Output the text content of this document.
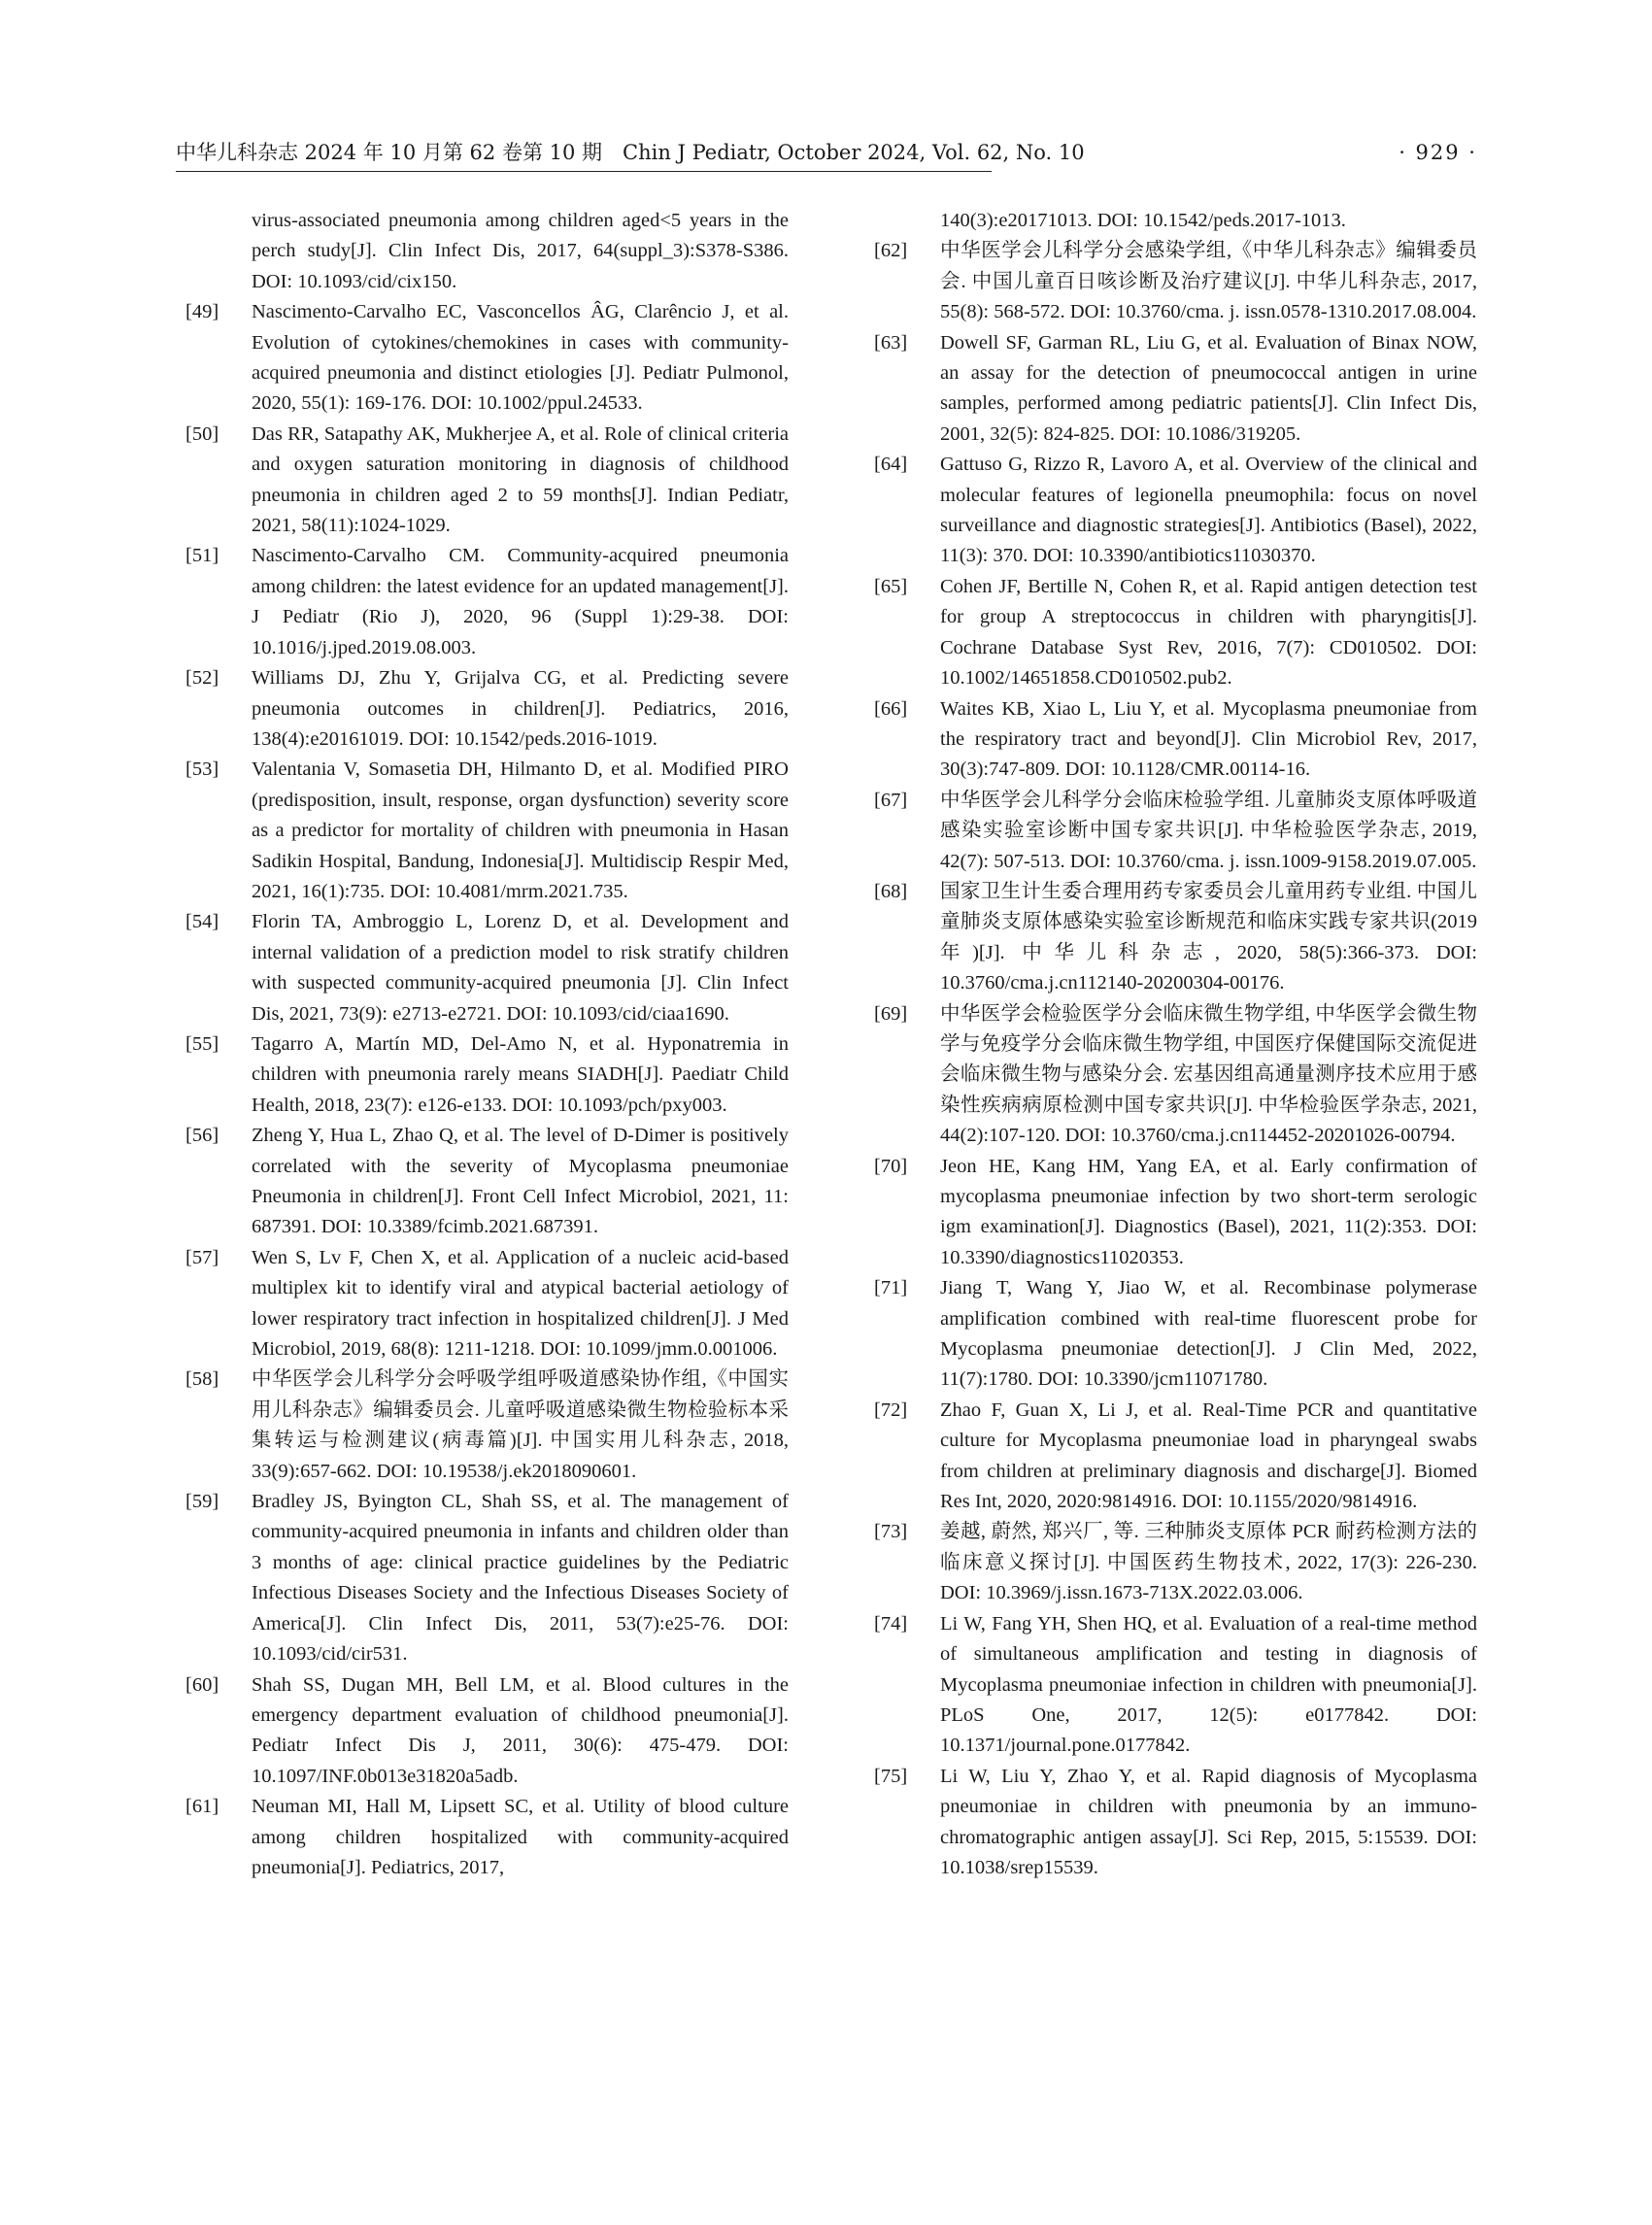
中华儿科杂志 2024 年 10 月第 62 卷第 10 期　Chin J Pediatr, October 2024, Vol. 62, No. 10	· 929 ·
virus-associated pneumonia among children aged<5 years in the perch study[J]. Clin Infect Dis, 2017, 64(suppl_3):S378-S386. DOI: 10.1093/cid/cix150.
[49] Nascimento-Carvalho EC, Vasconcellos ÂG, Clarêncio J, et al. Evolution of cytokines/chemokines in cases with community-acquired pneumonia and distinct etiologies [J]. Pediatr Pulmonol, 2020, 55(1): 169-176. DOI: 10.1002/ppul.24533.
[50] Das RR, Satapathy AK, Mukherjee A, et al. Role of clinical criteria and oxygen saturation monitoring in diagnosis of childhood pneumonia in children aged 2 to 59 months[J]. Indian Pediatr, 2021, 58(11):1024-1029.
[51] Nascimento-Carvalho CM. Community-acquired pneumonia among children: the latest evidence for an updated management[J]. J Pediatr (Rio J), 2020, 96 (Suppl 1):29-38. DOI: 10.1016/j.jped.2019.08.003.
[52] Williams DJ, Zhu Y, Grijalva CG, et al. Predicting severe pneumonia outcomes in children[J]. Pediatrics, 2016, 138(4):e20161019. DOI: 10.1542/peds.2016-1019.
[53] Valentania V, Somasetia DH, Hilmanto D, et al. Modified PIRO (predisposition, insult, response, organ dysfunction) severity score as a predictor for mortality of children with pneumonia in Hasan Sadikin Hospital, Bandung, Indonesia[J]. Multidiscip Respir Med, 2021, 16(1):735. DOI: 10.4081/mrm.2021.735.
[54] Florin TA, Ambroggio L, Lorenz D, et al. Development and internal validation of a prediction model to risk stratify children with suspected community-acquired pneumonia [J]. Clin Infect Dis, 2021, 73(9): e2713-e2721. DOI: 10.1093/cid/ciaa1690.
[55] Tagarro A, Martín MD, Del-Amo N, et al. Hyponatremia in children with pneumonia rarely means SIADH[J]. Paediatr Child Health, 2018, 23(7): e126-e133. DOI: 10.1093/pch/pxy003.
[56] Zheng Y, Hua L, Zhao Q, et al. The level of D-Dimer is positively correlated with the severity of Mycoplasma pneumoniae Pneumonia in children[J]. Front Cell Infect Microbiol, 2021, 11: 687391. DOI: 10.3389/fcimb.2021.687391.
[57] Wen S, Lv F, Chen X, et al. Application of a nucleic acid-based multiplex kit to identify viral and atypical bacterial aetiology of lower respiratory tract infection in hospitalized children[J]. J Med Microbiol, 2019, 68(8): 1211-1218. DOI: 10.1099/jmm.0.001006.
[58] 中华医学会儿科学分会呼吸学组呼吸道感染协作组,《中国实用儿科杂志》编辑委员会. 儿童呼吸道感染微生物检验标本采集转运与检测建议(病毒篇)[J]. 中国实用儿科杂志, 2018, 33(9):657-662. DOI: 10.19538/j.ek2018090601.
[59] Bradley JS, Byington CL, Shah SS, et al. The management of community-acquired pneumonia in infants and children older than 3 months of age: clinical practice guidelines by the Pediatric Infectious Diseases Society and the Infectious Diseases Society of America[J]. Clin Infect Dis, 2011, 53(7):e25-76. DOI: 10.1093/cid/cir531.
[60] Shah SS, Dugan MH, Bell LM, et al. Blood cultures in the emergency department evaluation of childhood pneumonia[J]. Pediatr Infect Dis J, 2011, 30(6): 475-479. DOI: 10.1097/INF.0b013e31820a5adb.
[61] Neuman MI, Hall M, Lipsett SC, et al. Utility of blood culture among children hospitalized with community-acquired pneumonia[J]. Pediatrics, 2017,
140(3):e20171013. DOI: 10.1542/peds.2017-1013.
[62] 中华医学会儿科学分会感染学组,《中华儿科杂志》编辑委员会. 中国儿童百日咳诊断及治疗建议[J]. 中华儿科杂志, 2017, 55(8): 568-572. DOI: 10.3760/cma. j. issn.0578-1310.2017.08.004.
[63] Dowell SF, Garman RL, Liu G, et al. Evaluation of Binax NOW, an assay for the detection of pneumococcal antigen in urine samples, performed among pediatric patients[J]. Clin Infect Dis, 2001, 32(5): 824-825. DOI: 10.1086/319205.
[64] Gattuso G, Rizzo R, Lavoro A, et al. Overview of the clinical and molecular features of legionella pneumophila: focus on novel surveillance and diagnostic strategies[J]. Antibiotics (Basel), 2022, 11(3): 370. DOI: 10.3390/antibiotics11030370.
[65] Cohen JF, Bertille N, Cohen R, et al. Rapid antigen detection test for group A streptococcus in children with pharyngitis[J]. Cochrane Database Syst Rev, 2016, 7(7): CD010502. DOI: 10.1002/14651858.CD010502.pub2.
[66] Waites KB, Xiao L, Liu Y, et al. Mycoplasma pneumoniae from the respiratory tract and beyond[J]. Clin Microbiol Rev, 2017, 30(3):747-809. DOI: 10.1128/CMR.00114-16.
[67] 中华医学会儿科学分会临床检验学组. 儿童肺炎支原体呼吸道感染实验室诊断中国专家共识[J]. 中华检验医学杂志, 2019, 42(7): 507-513. DOI: 10.3760/cma. j. issn.1009-9158.2019.07.005.
[68] 国家卫生计生委合理用药专家委员会儿童用药专业组. 中国儿童肺炎支原体感染实验室诊断规范和临床实践专家共识(2019 年)[J]. 中华儿科杂志, 2020, 58(5):366-373. DOI: 10.3760/cma.j.cn112140-20200304-00176.
[69] 中华医学会检验医学分会临床微生物学组, 中华医学会微生物学与免疫学分会临床微生物学组, 中国医疗保健国际交流促进会临床微生物与感染分会. 宏基因组高通量测序技术应用于感染性疾病病原检测中国专家共识[J]. 中华检验医学杂志, 2021, 44(2):107-120. DOI: 10.3760/cma.j.cn114452-20201026-00794.
[70] Jeon HE, Kang HM, Yang EA, et al. Early confirmation of mycoplasma pneumoniae infection by two short-term serologic igm examination[J]. Diagnostics (Basel), 2021, 11(2):353. DOI: 10.3390/diagnostics11020353.
[71] Jiang T, Wang Y, Jiao W, et al. Recombinase polymerase amplification combined with real-time fluorescent probe for Mycoplasma pneumoniae detection[J]. J Clin Med, 2022, 11(7):1780. DOI: 10.3390/jcm11071780.
[72] Zhao F, Guan X, Li J, et al. Real-Time PCR and quantitative culture for Mycoplasma pneumoniae load in pharyngeal swabs from children at preliminary diagnosis and discharge[J]. Biomed Res Int, 2020, 2020:9814916. DOI: 10.1155/2020/9814916.
[73] 姜越, 蔚然, 郑兴厂, 等. 三种肺炎支原体 PCR 耐药检测方法的临床意义探讨[J]. 中国医药生物技术, 2022, 17(3): 226-230. DOI: 10.3969/j.issn.1673-713X.2022.03.006.
[74] Li W, Fang YH, Shen HQ, et al. Evaluation of a real-time method of simultaneous amplification and testing in diagnosis of Mycoplasma pneumoniae infection in children with pneumonia[J]. PLoS One, 2017, 12(5): e0177842. DOI: 10.1371/journal.pone.0177842.
[75] Li W, Liu Y, Zhao Y, et al. Rapid diagnosis of Mycoplasma pneumoniae in children with pneumonia by an immuno-chromatographic antigen assay[J]. Sci Rep, 2015, 5:15539. DOI: 10.1038/srep15539.
